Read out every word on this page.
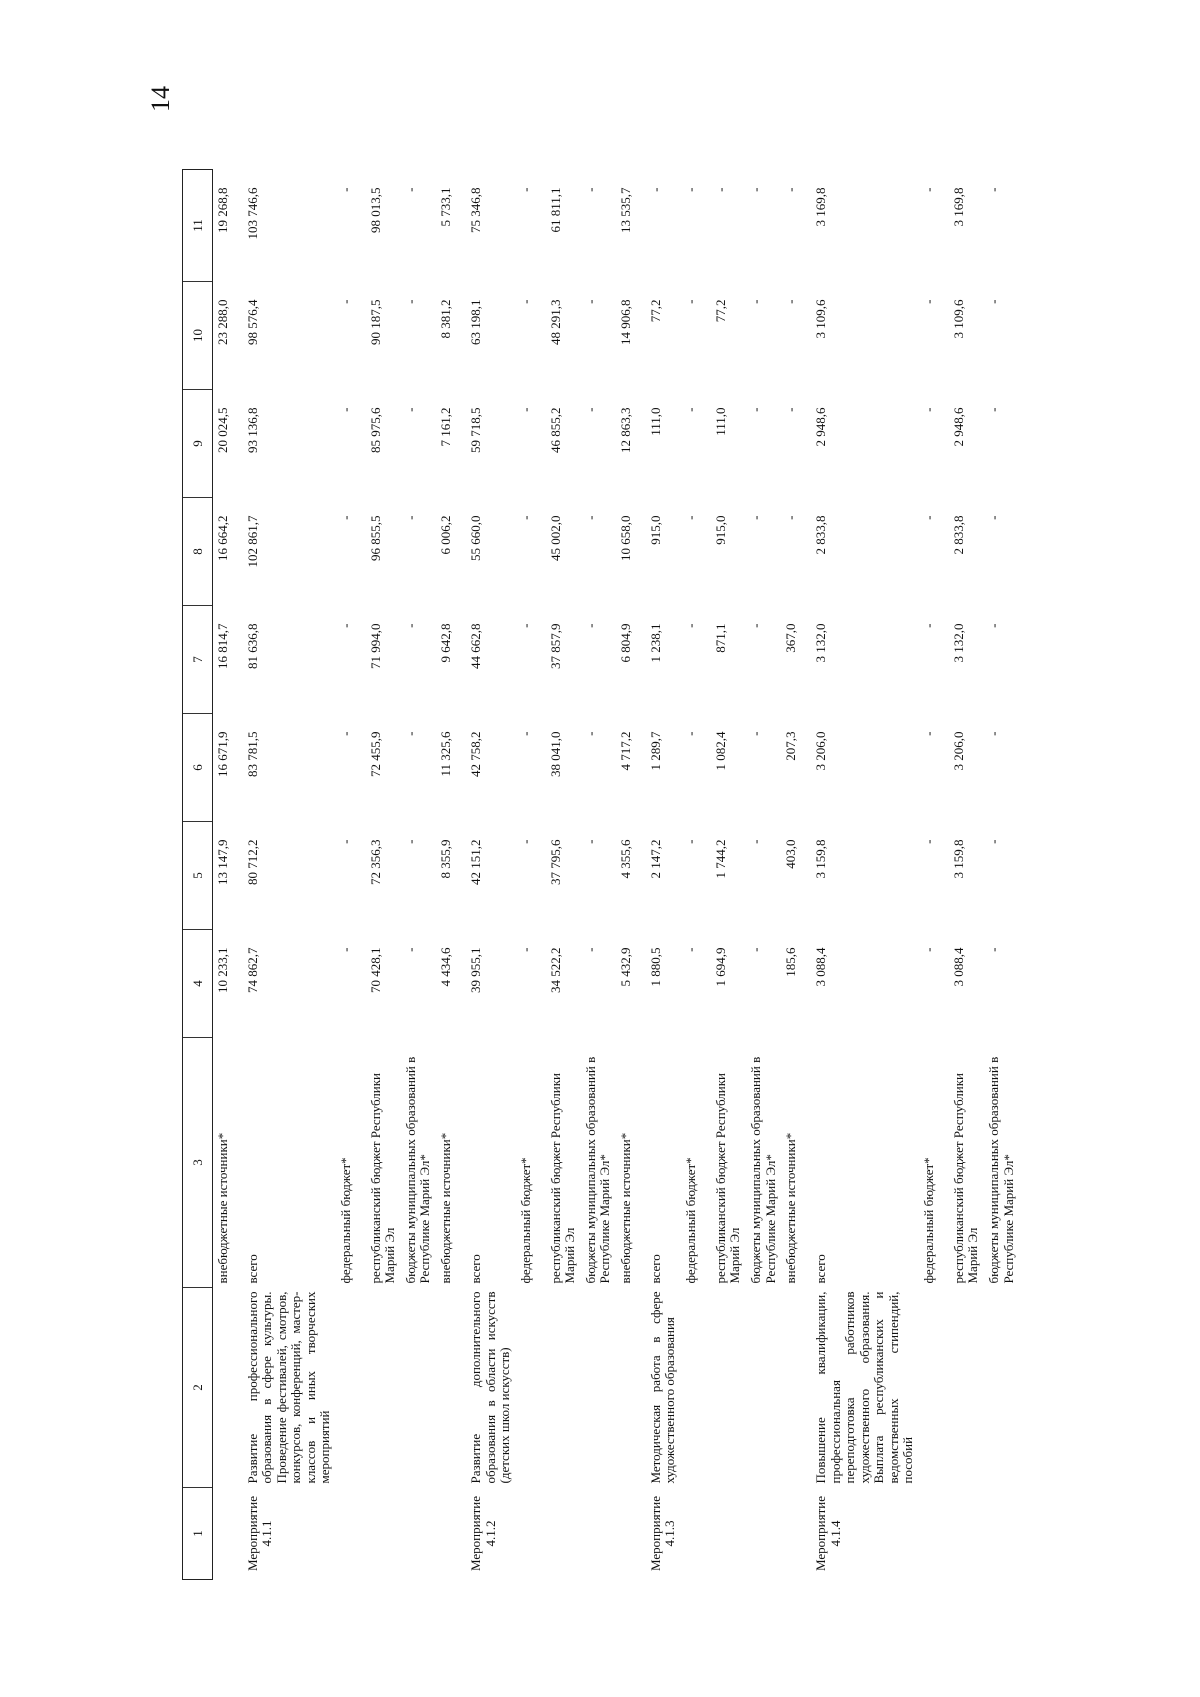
14
1	2	3	4	5	6	7	8	9	10	11
		внебюджетные источники*	10 233,1	13 147,9	16 671,9	16 814,7	16 664,2	20 024,5	23 288,0	19 268,8
Мероприятие 4.1.1	Развитие профессионального образования в сфере культуры. Проведение фестивалей, смотров, конкурсов, конференций, мастер-классов и иных творческих мероприятий	всего	74 862,7	80 712,2	83 781,5	81 636,8	102 861,7	93 136,8	98 576,4	103 746,6
		федеральный бюджет*	-	-	-	-	-	-	-	-
		республиканский бюджет Республики Марий Эл	70 428,1	72 356,3	72 455,9	71 994,0	96 855,5	85 975,6	90 187,5	98 013,5
		бюджеты муниципальных образований в Республике Марий Эл*	-	-	-	-	-	-	-	-
		внебюджетные источники*	4 434,6	8 355,9	11 325,6	9 642,8	6 006,2	7 161,2	8 381,2	5 733,1
Мероприятие 4.1.2	Развитие дополнительного образования в области искусств (детских школ искусств)	всего	39 955,1	42 151,2	42 758,2	44 662,8	55 660,0	59 718,5	63 198,1	75 346,8
		федеральный бюджет*	-	-	-	-	-	-	-	-
		республиканский бюджет Республики Марий Эл	34 522,2	37 795,6	38 041,0	37 857,9	45 002,0	46 855,2	48 291,3	61 811,1
		бюджеты муниципальных образований в Республике Марий Эл*	-	-	-	-	-	-	-	-
		внебюджетные источники*	5 432,9	4 355,6	4 717,2	6 804,9	10 658,0	12 863,3	14 906,8	13 535,7
Мероприятие 4.1.3	Методическая работа в сфере художественного образования	всего	1 880,5	2 147,2	1 289,7	1 238,1	915,0	111,0	77,2	-
		федеральный бюджет*	-	-	-	-	-	-	-	-
		республиканский бюджет Республики Марий Эл	1 694,9	1 744,2	1 082,4	871,1	915,0	111,0	77,2	-
		бюджеты муниципальных образований в Республике Марий Эл*	-	-	-	-	-	-	-	-
		внебюджетные источники*	185,6	403,0	207,3	367,0	-	-	-	-
Мероприятие 4.1.4	Повышение квалификации, профессиональная переподготовка работников художественного образования. Выплата республиканских и ведомственных стипендий, пособий	всего	3 088,4	3 159,8	3 206,0	3 132,0	2 833,8	2 948,6	3 109,6	3 169,8
		федеральный бюджет*	-	-	-	-	-	-	-	-
		республиканский бюджет Республики Марий Эл	3 088,4	3 159,8	3 206,0	3 132,0	2 833,8	2 948,6	3 109,6	3 169,8
		бюджеты муниципальных образований в Республике Марий Эл*	-	-	-	-	-	-	-	-
